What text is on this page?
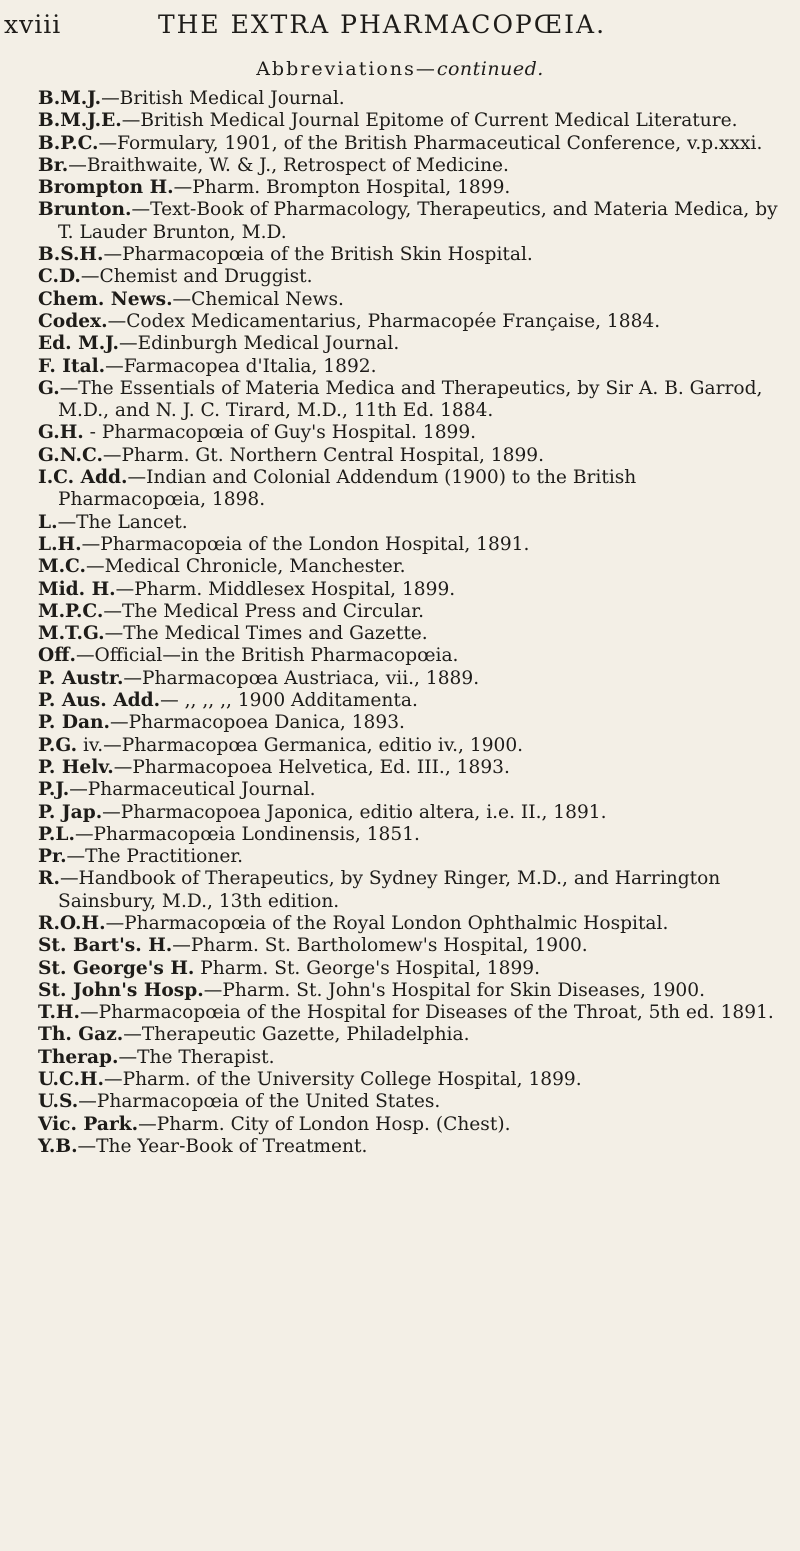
xviii	THE EXTRA PHARMACOPŒIA.
Abbreviations—continued.

B.M.J.—British Medical Journal.

B.M.J.E.—British Medical Journal Epitome of Current Medical Literature.

B.P.C.—Formulary, 1901, of the British Pharmaceutical Conference, v.p.xxxi.

Br.—Braithwaite, W. & J., Retrospect of Medicine.

Brompton H.—Pharm. Brompton Hospital, 1899.

Brunton.—Text-Book of Pharmacology, Therapeutics, and Materia Medica, by T. Lauder Brunton, M.D.

B.S.H.—Pharmacopœia of the British Skin Hospital.

C.D.—Chemist and Druggist.

Chem. News.—Chemical News.

Codex.—Codex Medicamentarius, Pharmacopée Française, 1884.

Ed. M.J.—Edinburgh Medical Journal.

F. Ital.—Farmacopea d'Italia, 1892.

G.—The Essentials of Materia Medica and Therapeutics, by Sir A. B. Garrod, M.D., and N. J. C. Tirard, M.D., 11th Ed. 1884.

G.H. - Pharmacopœia of Guy's Hospital. 1899.

G.N.C.—Pharm. Gt. Northern Central Hospital, 1899.

I.C. Add.—Indian and Colonial Addendum (1900) to the British Pharmacopœia, 1898.

L.—The Lancet.

L.H.—Pharmacopœia of the London Hospital, 1891.

M.C.—Medical Chronicle, Manchester.

Mid. H.—Pharm. Middlesex Hospital, 1899.

M.P.C.—The Medical Press and Circular.

M.T.G.—The Medical Times and Gazette.

Off.—Official—in the British Pharmacopœia.

P. Austr.—Pharmacopœa Austriaca, vii., 1889.

P. Aus. Add.— ,, ,, ,, 1900 Additamenta.

P. Dan.—Pharmacopoea Danica, 1893.

P.G. iv.—Pharmacopœa Germanica, editio iv., 1900.

P. Helv.—Pharmacopoea Helvetica, Ed. III., 1893.

P.J.—Pharmaceutical Journal.

P. Jap.—Pharmacopoea Japonica, editio altera, i.e. II., 1891.

P.L.—Pharmacopœia Londinensis, 1851.

Pr.—The Practitioner.

R.—Handbook of Therapeutics, by Sydney Ringer, M.D., and Harrington Sainsbury, M.D., 13th edition.

R.O.H.—Pharmacopœia of the Royal London Ophthalmic Hospital.

St. Bart's. H.—Pharm. St. Bartholomew's Hospital, 1900.

St. George's H. Pharm. St. George's Hospital, 1899.

St. John's Hosp.—Pharm. St. John's Hospital for Skin Diseases, 1900.

T.H.—Pharmacopœia of the Hospital for Diseases of the Throat, 5th ed. 1891.

Th. Gaz.—Therapeutic Gazette, Philadelphia.

Therap.—The Therapist.

U.C.H.—Pharm. of the University College Hospital, 1899.

U.S.—Pharmacopœia of the United States.

Vic. Park.—Pharm. City of London Hosp. (Chest).

Y.B.—The Year-Book of Treatment.
